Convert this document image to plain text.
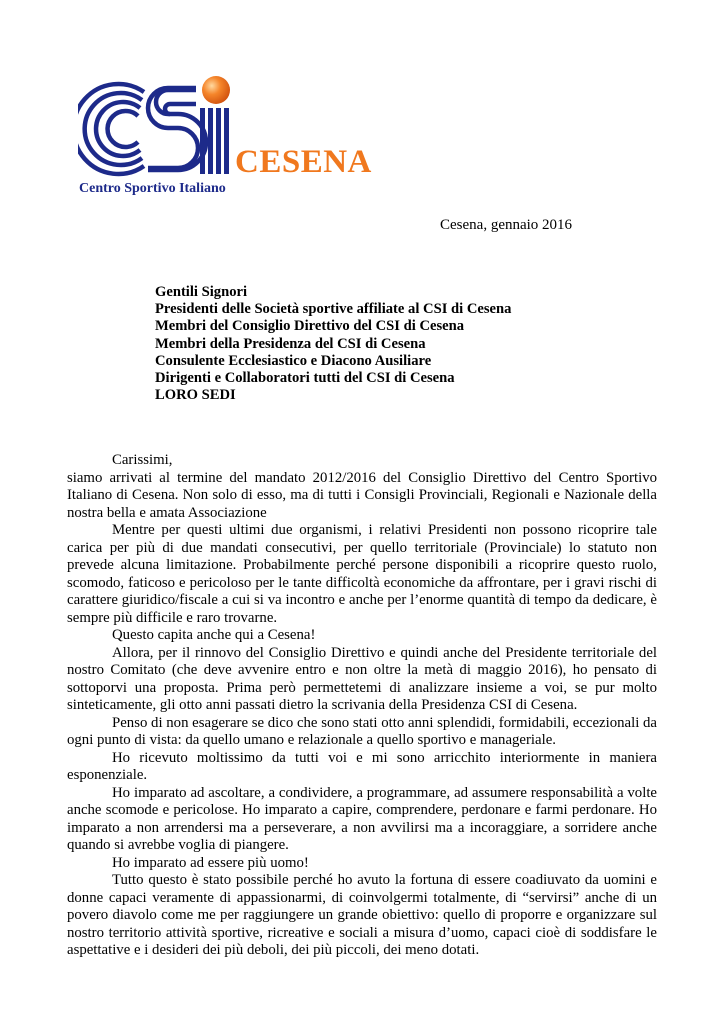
CESENA
Centro Sportivo Italiano
Cesena, gennaio 2016
Gentili Signori
Presidenti delle Società sportive affiliate al CSI di Cesena
Membri del Consiglio Direttivo del CSI di Cesena
Membri della Presidenza del CSI di Cesena
Consulente Ecclesiastico e Diacono Ausiliare
Dirigenti e Collaboratori tutti del CSI di Cesena
LORO SEDI

Carissimi,

siamo arrivati al termine del mandato 2012/2016 del Consiglio Direttivo del Centro Sportivo Italiano di Cesena. Non solo di esso, ma di tutti i Consigli Provinciali, Regionali e Nazionale della nostra bella e amata Associazione

Mentre per questi ultimi due organismi, i relativi Presidenti non possono ricoprire tale carica per più di due mandati consecutivi, per quello territoriale (Provinciale) lo statuto non prevede alcuna limitazione. Probabilmente perché persone disponibili a ricoprire questo ruolo, scomodo, faticoso e pericoloso per le tante difficoltà economiche da affrontare, per i gravi rischi di carattere giuridico/fiscale a cui si va incontro e anche per l’enorme quantità di tempo da dedicare, è sempre più difficile e raro trovarne.

Questo capita anche qui a Cesena!

Allora, per il rinnovo del Consiglio Direttivo e quindi anche del Presidente territoriale del nostro Comitato (che deve avvenire entro e non oltre la metà di maggio 2016), ho pensato di sottoporvi una proposta. Prima però permettetemi di analizzare insieme a voi, se pur molto sinteticamente, gli otto anni passati dietro la scrivania della Presidenza CSI di Cesena.

Penso di non esagerare se dico che sono stati otto anni splendidi, formidabili, eccezionali da ogni punto di vista: da quello umano e relazionale a quello sportivo e manageriale.

Ho ricevuto moltissimo da tutti voi e mi sono arricchito interiormente in maniera esponenziale.

Ho imparato ad ascoltare, a condividere, a programmare, ad assumere responsabilità a volte anche scomode e pericolose. Ho imparato a capire, comprendere, perdonare e farmi perdonare. Ho imparato a non arrendersi ma a perseverare, a non avvilirsi ma a incoraggiare, a sorridere anche quando si avrebbe voglia di piangere.

Ho imparato ad essere più uomo!

Tutto questo è stato possibile perché ho avuto la fortuna di essere coadiuvato da uomini e donne capaci veramente di appassionarmi, di coinvolgermi totalmente, di “servirsi” anche di un povero diavolo come me per raggiungere un grande obiettivo: quello di proporre e organizzare sul nostro territorio attività sportive, ricreative e sociali a misura d’uomo, capaci cioè di soddisfare le aspettative e i desideri dei più deboli, dei più piccoli, dei meno dotati.
